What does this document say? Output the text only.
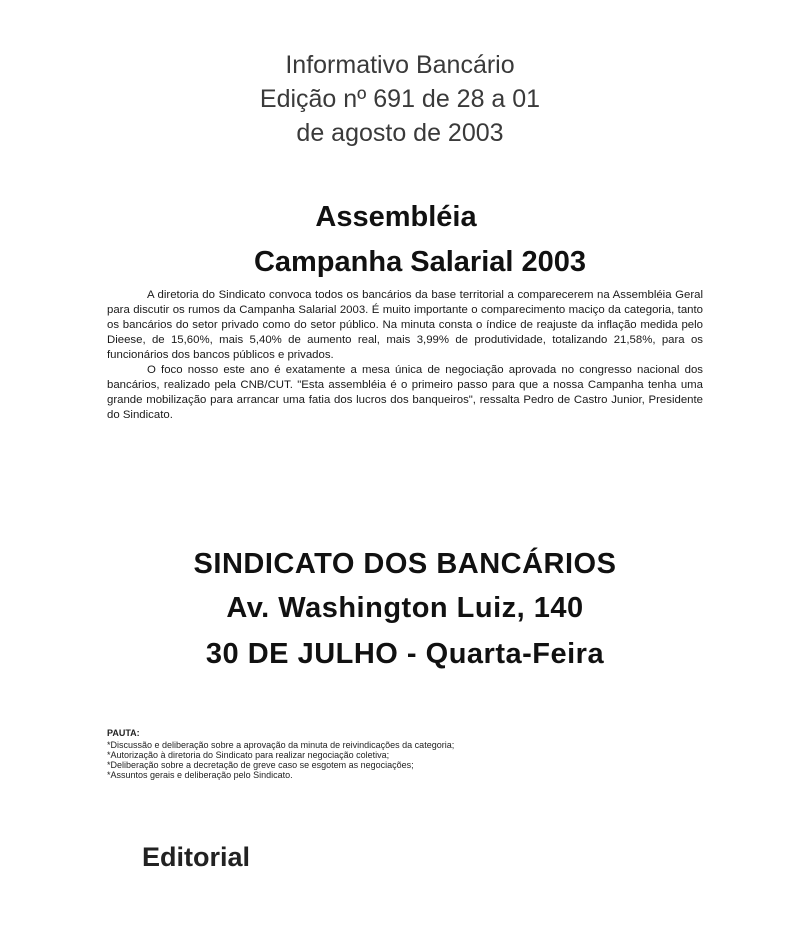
Informativo Bancário
Edição nº 691 de 28 a 01
de agosto de 2003
Assembléia
Campanha Salarial 2003

A diretoria do Sindicato convoca todos os bancários da base territorial a comparecerem na Assembléia Geral para discutir os rumos da Campanha Salarial 2003. É muito importante o comparecimento maciço da categoria, tanto os bancários do setor privado como do setor público. Na minuta consta o índice de reajuste da inflação medida pelo Dieese, de 15,60%, mais 5,40% de aumento real, mais 3,99% de produtividade, totalizando 21,58%, para os funcionários dos bancos públicos e privados.

O foco nosso este ano é exatamente a mesa única de negociação aprovada no congresso nacional dos bancários, realizado pela CNB/CUT. "Esta assembléia é o primeiro passo para que a nossa Campanha tenha uma grande mobilização para arrancar uma fatia dos lucros dos banqueiros", ressalta Pedro de Castro Junior, Presidente do Sindicato.

SINDICATO DOS BANCÁRIOS
Av. Washington Luiz, 140
30 DE JULHO - Quarta-Feira
PAUTA:
*Discussão e deliberação sobre a aprovação da minuta de reivindicações da categoria;
*Autorização à diretoria do Sindicato para realizar negociação coletiva;
*Deliberação sobre a decretação de greve caso se esgotem as negociações;
*Assuntos gerais e deliberação pelo Sindicato.
Editorial
